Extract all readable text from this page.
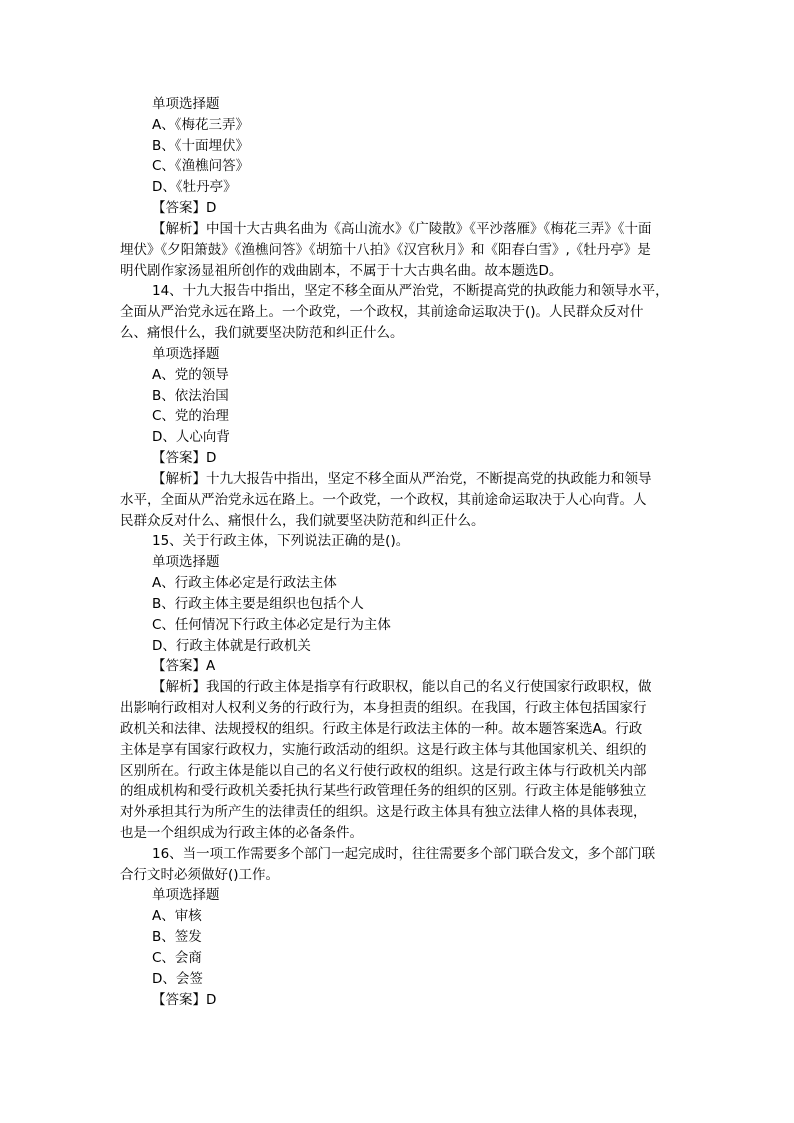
单项选择题
A、《梅花三弄》
B、《十面埋伏》
C、《渔樵问答》
D、《牡丹亭》
【答案】D
【解析】中国十大古典名曲为《高山流水》《广陵散》《平沙落雁》《梅花三弄》《十面
埋伏》《夕阳箫鼓》《渔樵问答》《胡笳十八拍》《汉宫秋月》和《阳春白雪》,《牡丹亭》是
明代剧作家汤显祖所创作的戏曲剧本，不属于十大古典名曲。故本题选D。
14、十九大报告中指出，坚定不移全面从严治党，不断提高党的执政能力和领导水平，
全面从严治党永远在路上。一个政党，一个政权，其前途命运取决于()。人民群众反对什
么、痛恨什么，我们就要坚决防范和纠正什么。
单项选择题
A、党的领导
B、依法治国
C、党的治理
D、人心向背
【答案】D
【解析】十九大报告中指出，坚定不移全面从严治党，不断提高党的执政能力和领导
水平，全面从严治党永远在路上。一个政党，一个政权，其前途命运取决于人心向背。人
民群众反对什么、痛恨什么，我们就要坚决防范和纠正什么。
15、关于行政主体，下列说法正确的是()。
单项选择题
A、行政主体必定是行政法主体
B、行政主体主要是组织也包括个人
C、任何情况下行政主体必定是行为主体
D、行政主体就是行政机关
【答案】A
【解析】我国的行政主体是指享有行政职权，能以自己的名义行使国家行政职权，做
出影响行政相对人权利义务的行政行为，本身担责的组织。在我国，行政主体包括国家行
政机关和法律、法规授权的组织。行政主体是行政法主体的一种。故本题答案选A。行政
主体是享有国家行政权力，实施行政活动的组织。这是行政主体与其他国家机关、组织的
区别所在。行政主体是能以自己的名义行使行政权的组织。这是行政主体与行政机关内部
的组成机构和受行政机关委托执行某些行政管理任务的组织的区别。行政主体是能够独立
对外承担其行为所产生的法律责任的组织。这是行政主体具有独立法律人格的具体表现，
也是一个组织成为行政主体的必备条件。
16、当一项工作需要多个部门一起完成时，往往需要多个部门联合发文，多个部门联
合行文时必须做好()工作。
单项选择题
A、审核
B、签发
C、会商
D、会签
【答案】D
